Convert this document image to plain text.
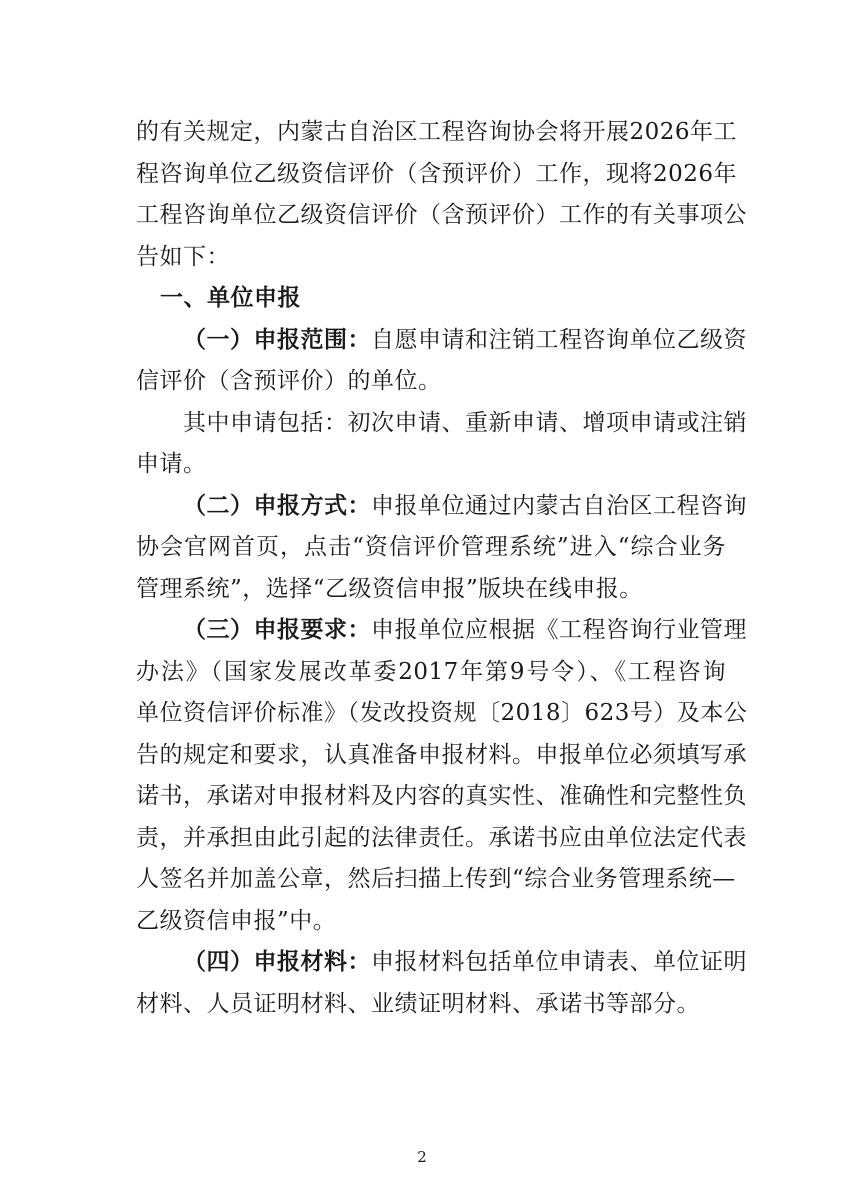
的有关规定，内蒙古自治区工程咨询协会将开展2026年工
程咨询单位乙级资信评价（含预评价）工作，现将2026年
工程咨询单位乙级资信评价（含预评价）工作的有关事项公
告如下：
一、单位申报
（一）申报范围：自愿申请和注销工程咨询单位乙级资
信评价（含预评价）的单位。
其中申请包括：初次申请、重新申请、增项申请或注销
申请。
（二）申报方式：申报单位通过内蒙古自治区工程咨询
协会官网首页，点击“资信评价管理系统”进入“综合业务
管理系统”，选择“乙级资信申报”版块在线申报。
（三）申报要求：申报单位应根据《工程咨询行业管理
办法》（国家发展改革委2017年第9号令）、《工程咨询
单位资信评价标准》（发改投资规〔2018〕623号）及本公
告的规定和要求，认真准备申报材料。申报单位必须填写承
诺书，承诺对申报材料及内容的真实性、准确性和完整性负
责，并承担由此引起的法律责任。承诺书应由单位法定代表
人签名并加盖公章，然后扫描上传到“综合业务管理系统—
乙级资信申报”中。
（四）申报材料：申报材料包括单位申请表、单位证明
材料、人员证明材料、业绩证明材料、承诺书等部分。
2
